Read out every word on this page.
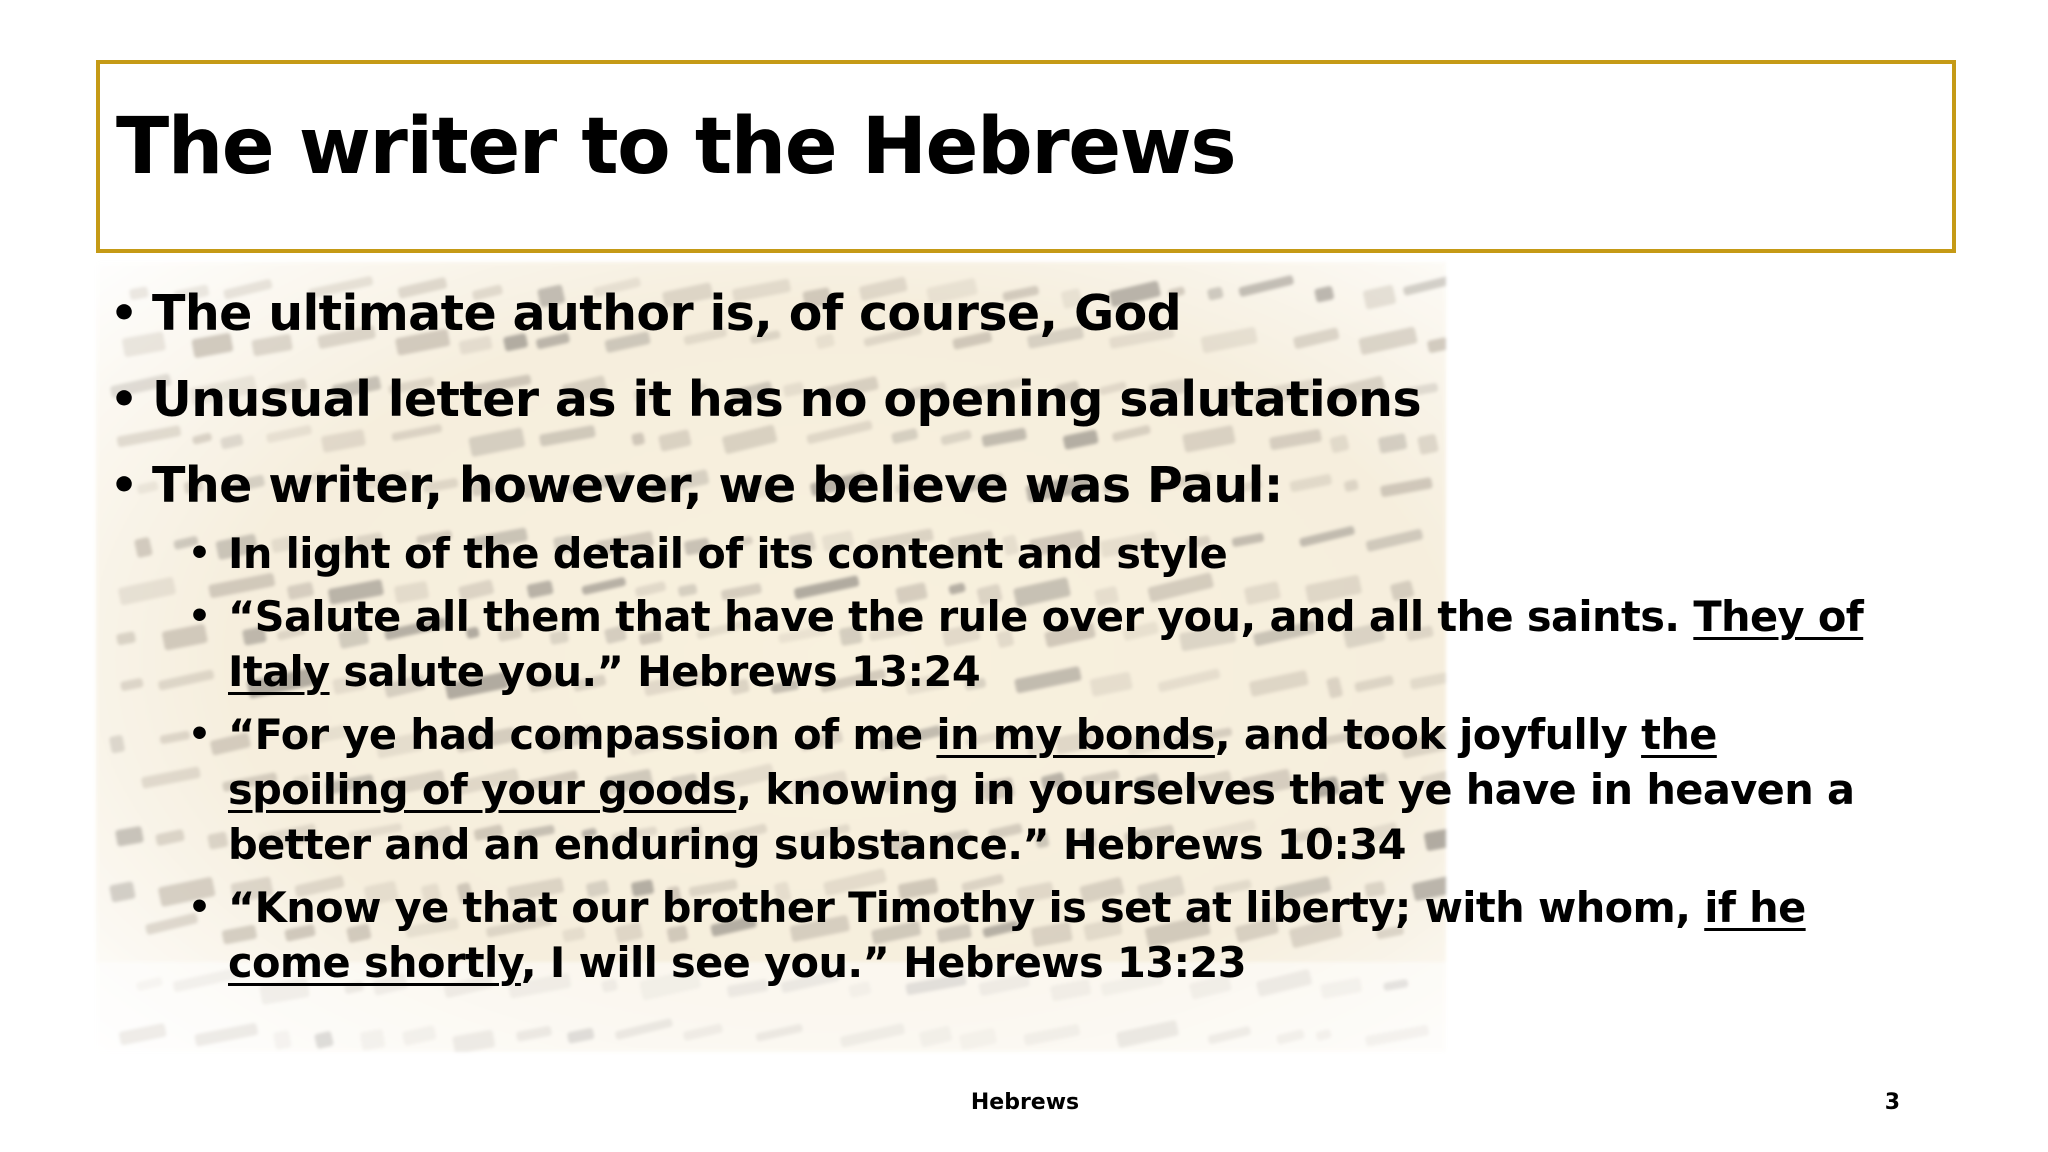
The writer to the Hebrews
• The ultimate author is, of course, God
• Unusual letter as it has no opening salutations
• The writer, however, we believe was Paul:
• In light of the detail of its content and style
• “Salute all them that have the rule over you, and all the saints. They of Italy salute you.” Hebrews 13:24
• “For ye had compassion of me in my bonds, and took joyfully the spoiling of your goods, knowing in yourselves that ye have in heaven a better and an enduring substance.” Hebrews 10:34
• “Know ye that our brother Timothy is set at liberty; with whom, if he come shortly, I will see you.” Hebrews 13:23
Hebrews	3
